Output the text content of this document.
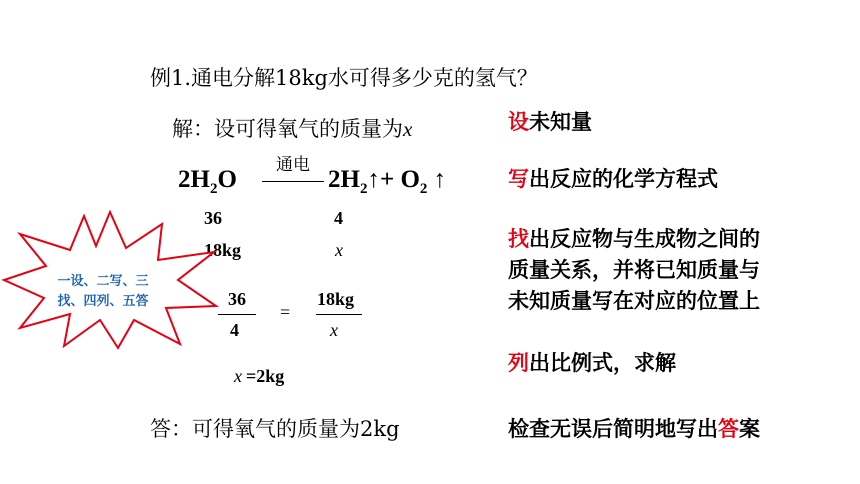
例1.通电分解18kg水可得多少克的氢气？
解：设可得氧气的质量为x
$2H_2O$
通电
$2H_2↑+ O_2$ ↑
36	4
18kg	x
36
4
=
18kg
x
x =2kg
答：可得氧气的质量为2kg
设未知量
写出反应的化学方程式
找出反应物与生成物之间的
质量关系，并将已知质量与
未知质量写在对应的位置上
列出比例式，求解
检查无误后简明地写出答案
一设、二写、三
找、四列、五答
